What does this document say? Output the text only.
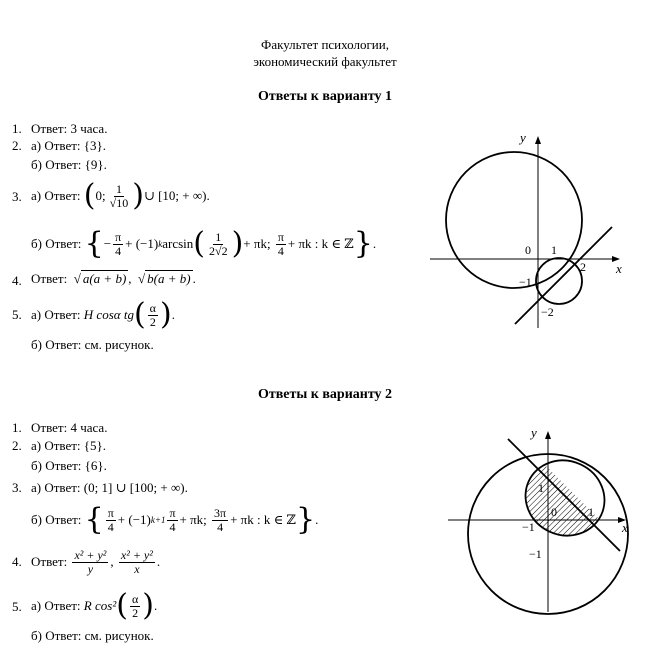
Факультет психологии,
экономический факультет
Ответы к варианту 1
1. Ответ: 3 часа.
2. а) Ответ: {3}.
б) Ответ: {9}.
3. а) Ответ:
( 0; $\frac{1}{√10}$ ) ∪ [10; + ∞).
б) Ответ:
{ − $\frac{\pi}{4} + (-1)$ k arcsin ( $\frac{1}{2√2}$ ) + πk;
$\frac{\pi}{4} + \pi k$ : k ∈ ℤ } .
4. Ответ:  √ a(a + b) ,  √ b(a + b) .
5. а) Ответ:
H cosα tg ( $\frac{\alpha}{2}$ ) .
б) Ответ: см. рисунок.
y
x
0 1
2
−1
−2
Ответы к варианту 2
1. Ответ: 4 часа.
2. а) Ответ: {5}.
б) Ответ: {6}.
3. а) Ответ: (0; 1] ∪ [100; + ∞).
б) Ответ:
{ $\frac{\pi}{4} + (-1)$ $k+1 \frac{\pi}{4} + \pi k$;
$\frac{3\pi}{4} + \pi k$ : k ∈ ℤ } .
4. Ответ:
$\frac{\text{x² + y²}}{y}$ , $\frac{\text{x² + y²}}{x}$ .
5. а) Ответ:
R cos² ( $\frac{\alpha}{2}$ ) .
б) Ответ: см. рисунок.
y
x
0
1
1
−1
−1
